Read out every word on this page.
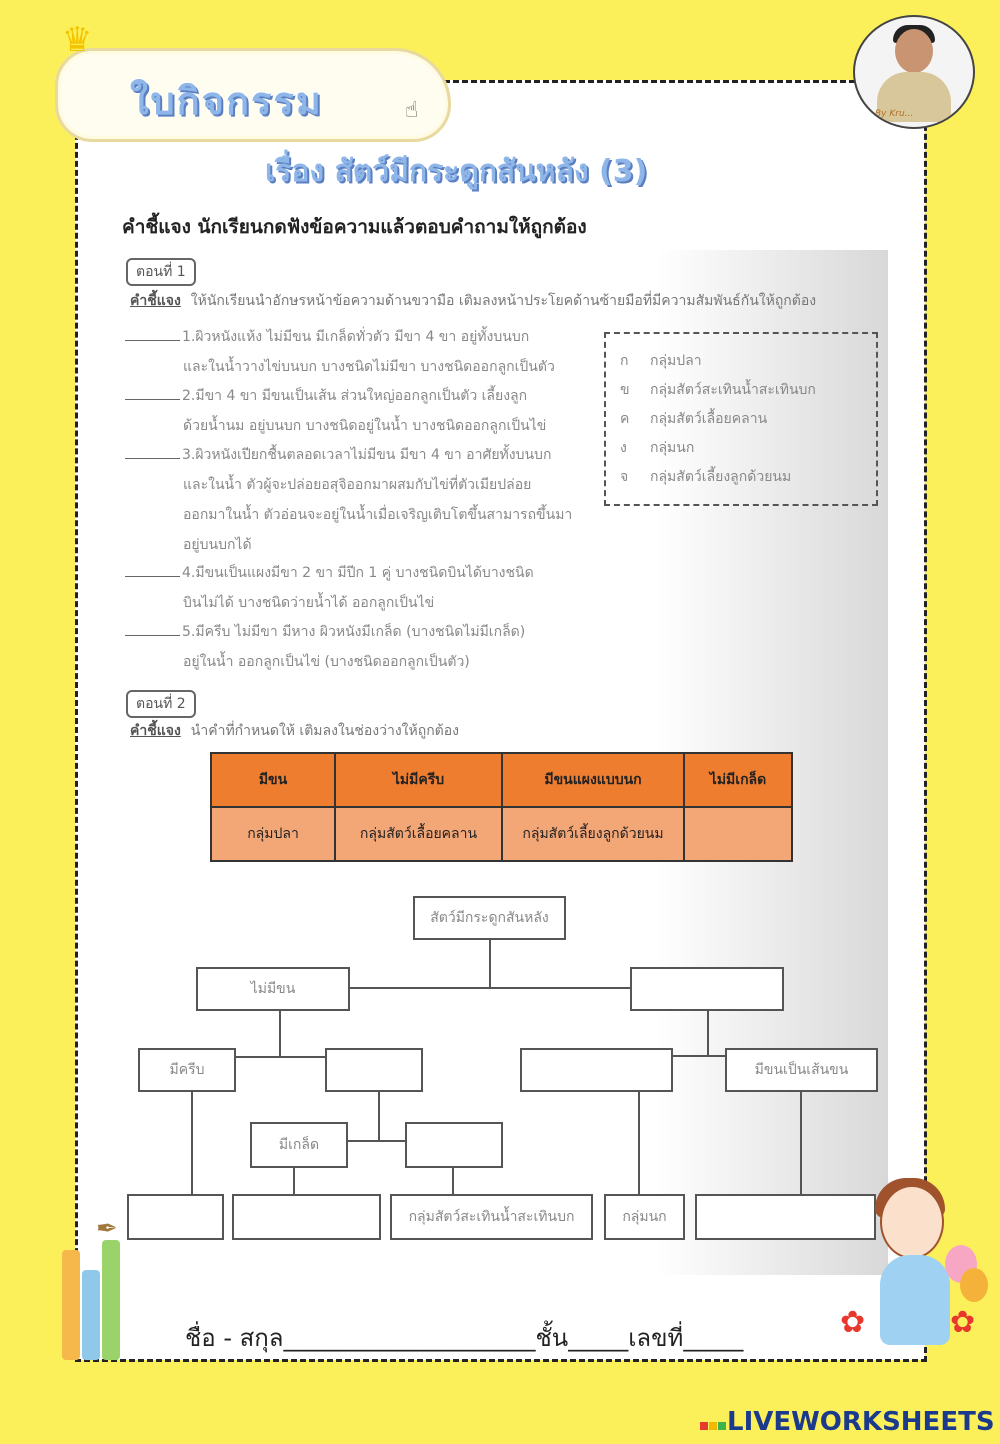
♛
ใบกิจกรรม	☝	By Kru...
เรื่อง สัตว์มีกระดูกสันหลัง (3)
คำชี้แจง นักเรียนกดฟังข้อความแล้วตอบคำถามให้ถูกต้อง
ตอนที่ 1
คำชี้แจง ให้นักเรียนนำอักษรหน้าข้อความด้านขวามือ เติมลงหน้าประโยคด้านซ้ายมือที่มีความสัมพันธ์กันให้ถูกต้อง
1.ผิวหนังแห้ง ไม่มีขน มีเกล็ดทั่วตัว มีขา 4 ขา อยู่ทั้งบนบก
และในน้ำวางไข่บนบก บางชนิดไม่มีขา บางชนิดออกลูกเป็นตัว
2.มีขา 4 ขา มีขนเป็นเส้น ส่วนใหญ่ออกลูกเป็นตัว เลี้ยงลูก
ด้วยน้ำนม อยู่บนบก บางชนิดอยู่ในน้ำ บางชนิดออกลูกเป็นไข่
3.ผิวหนังเปียกชื้นตลอดเวลาไม่มีขน มีขา 4 ขา อาศัยทั้งบนบก
และในน้ำ ตัวผู้จะปล่อยอสุจิออกมาผสมกับไข่ที่ตัวเมียปล่อย
ออกมาในน้ำ ตัวอ่อนจะอยู่ในน้ำเมื่อเจริญเติบโตขึ้นสามารถขึ้นมา
อยู่บนบกได้
4.มีขนเป็นแผงมีขา 2 ขา มีปีก 1 คู่ บางชนิดบินได้บางชนิด
บินไม่ได้ บางชนิดว่ายน้ำได้ ออกลูกเป็นไข่
5.มีครีบ ไม่มีขา มีหาง ผิวหนังมีเกล็ด (บางชนิดไม่มีเกล็ด)
อยู่ในน้ำ ออกลูกเป็นไข่ (บางชนิดออกลูกเป็นตัว)
ก กลุ่มปลา
ข กลุ่มสัตว์สะเทินน้ำสะเทินบก
ค กลุ่มสัตว์เลื้อยคลาน
ง กลุ่มนก
จ กลุ่มสัตว์เลี้ยงลูกด้วยนม
ตอนที่ 2
คำชี้แจง นำคำที่กำหนดให้ เติมลงในช่องว่างให้ถูกต้อง
มีขน	ไม่มีครีบ	มีขนแผงแบบนก	ไม่มีเกล็ด
กลุ่มปลา	กลุ่มสัตว์เลื้อยคลาน	กลุ่มสัตว์เลี้ยงลูกด้วยนม	
สัตว์มีกระดูกสันหลัง
ไม่มีขน
มีครีบ	มีขนเป็นเส้นขน
มีเกล็ด
กลุ่มสัตว์สะเทินน้ำสะเทินบก	กลุ่มนก
✒
✿	✿
ชื่อ - สกุล_____________________ชั้น_____เลขที่_____
LIVEWORKSHEETS
